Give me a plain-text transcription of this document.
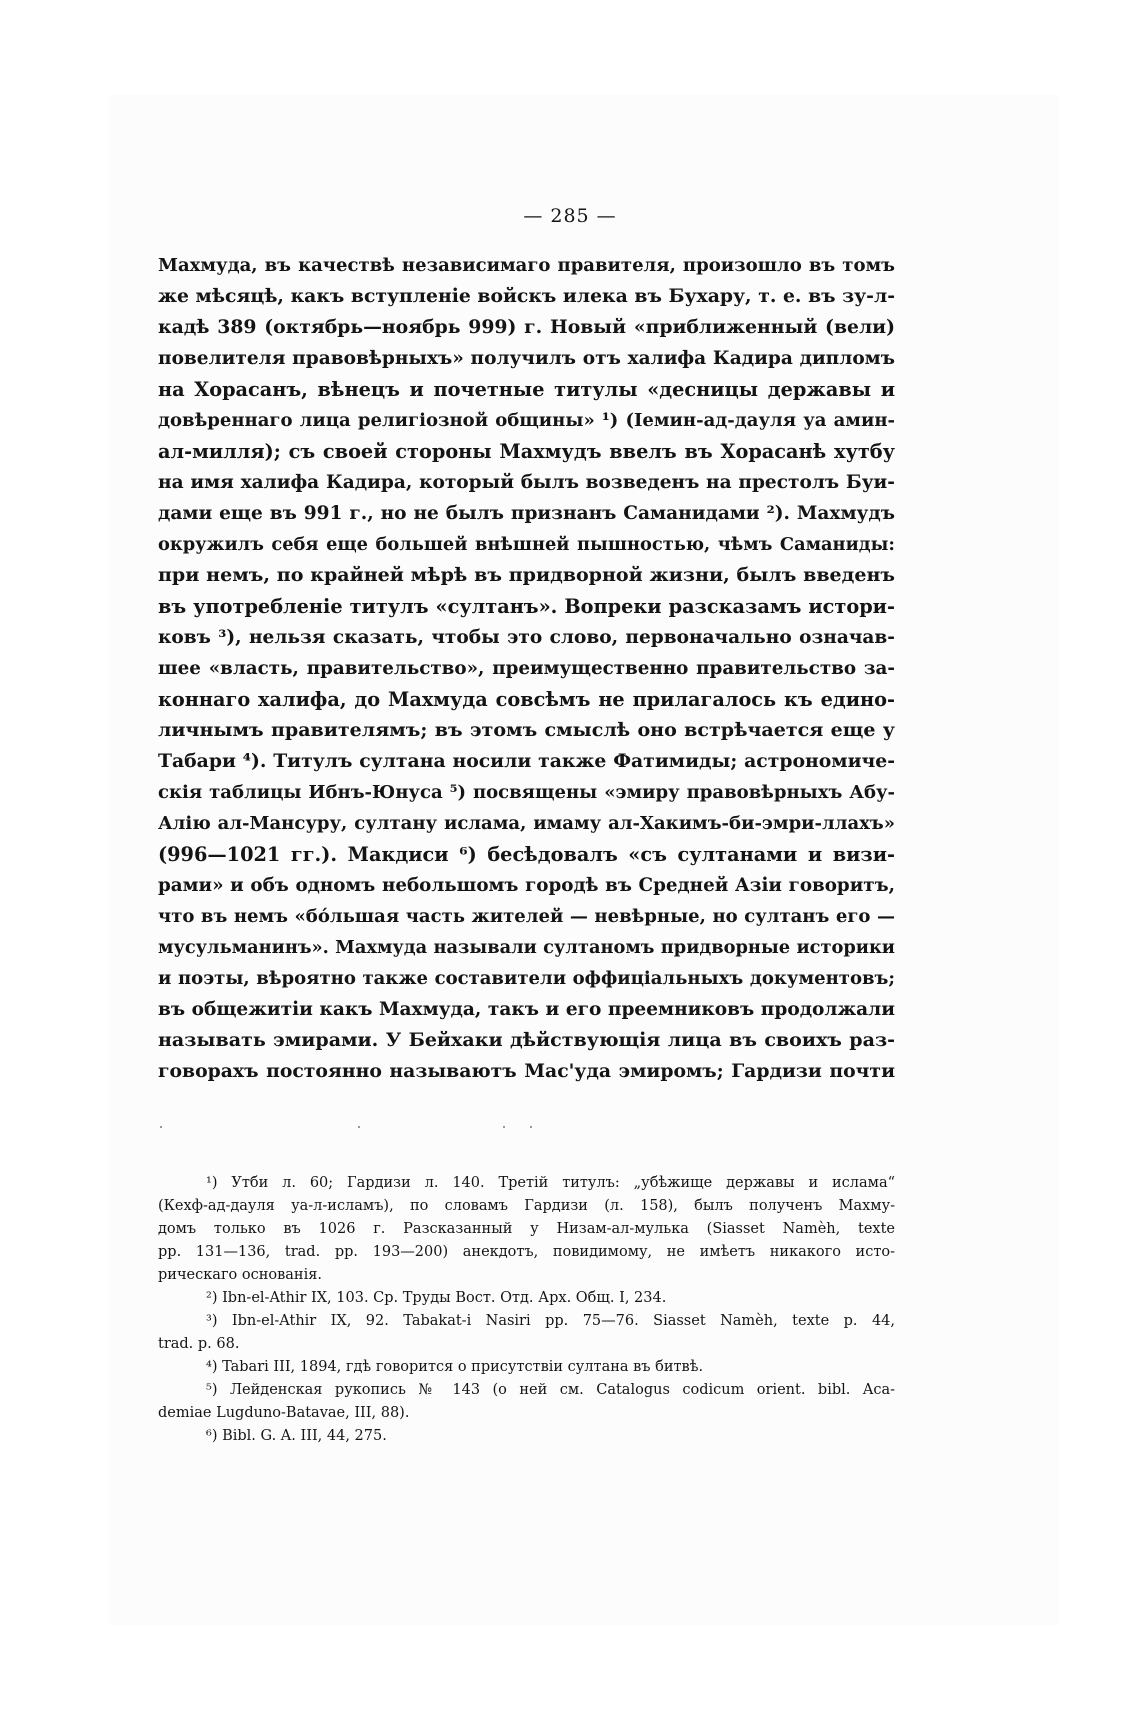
— 285 —
Махмуда, въ качествѣ независимаго правителя, произошло въ томъ
же мѣсяцѣ, какъ вступленіе войскъ илека въ Бухару, т. е. въ зу-л-
кадѣ 389 (октябрь—ноябрь 999) г. Новый «приближенный (вели)
повелителя правовѣрныхъ» получилъ отъ халифа Кадира дипломъ
на Хорасанъ, вѣнецъ и почетные титулы «десницы державы и
довѣреннаго лица религіозной общины» ¹) (Іемин-ад-дауля уа амин-
ал-милля); съ своей стороны Махмудъ ввелъ въ Хорасанѣ хутбу
на имя халифа Кадира, который былъ возведенъ на престолъ Буи-
дами еще въ 991 г., но не былъ признанъ Саманидами ²). Махмудъ
окружилъ себя еще большей внѣшней пышностью, чѣмъ Саманиды:
при немъ, по крайней мѣрѣ въ придворной жизни, былъ введенъ
въ употребленіе титулъ «султанъ». Вопреки разсказамъ истори-
ковъ ³), нельзя сказать, чтобы это слово, первоначально означав-
шее «власть, правительство», преимущественно правительство за-
коннаго халифа, до Махмуда совсѣмъ не прилагалось къ едино-
личнымъ правителямъ; въ этомъ смыслѣ оно встрѣчается еще у
Табари ⁴). Титулъ султана носили также Фатимиды; астрономиче-
скія таблицы Ибнъ-Юнуса ⁵) посвящены «эмиру правовѣрныхъ Абу-
Алію ал-Мансуру, султану ислама, имаму ал-Хакимъ-би-эмри-ллахъ»
(996—1021 гг.). Макдиси ⁶) бесѣдовалъ «съ султанами и визи-
рами» и объ одномъ небольшомъ городѣ въ Средней Азіи говоритъ,
что въ немъ «бо́льшая часть жителей — невѣрные, но султанъ его —
мусульманинъ». Махмуда называли султаномъ придворные историки
и поэты, вѣроятно также составители оффиціальныхъ документовъ;
въ общежитіи какъ Махмуда, такъ и его преемниковъ продолжали
называть эмирами. У Бейхаки дѣйствующія лица въ своихъ раз-
говорахъ постоянно называютъ Мас'уда эмиромъ; Гардизи почти
¹) Утби л. 60; Гардизи л. 140. Третій титулъ: „убѣжище державы и ислама“
(Кехф-ад-дауля уа-л-исламъ), по словамъ Гардизи (л. 158), былъ полученъ Махму-
домъ только въ 1026 г. Разсказанный у Низам-ал-мулька (Siasset Namèh, texte
pp. 131—136, trad. pp. 193—200) анекдотъ, повидимому, не имѣетъ никакого исто-
рическаго основанія.
²) Ibn-el-Athir IX, 103. Ср. Труды Вост. Отд. Арх. Общ. I, 234.
³) Ibn-el-Athir IX, 92. Tabakat-i Nasiri pp. 75—76. Siasset Namèh, texte p. 44,
trad. p. 68.
⁴) Tabari III, 1894, гдѣ говорится о присутствіи султана въ битвѣ.
⁵) Лейденская рукопись № 143 (о ней см. Catalogus codicum orient. bibl. Aca-
demiae Lugduno-Batavae, III, 88).
⁶) Bibl. G. A. III, 44, 275.
